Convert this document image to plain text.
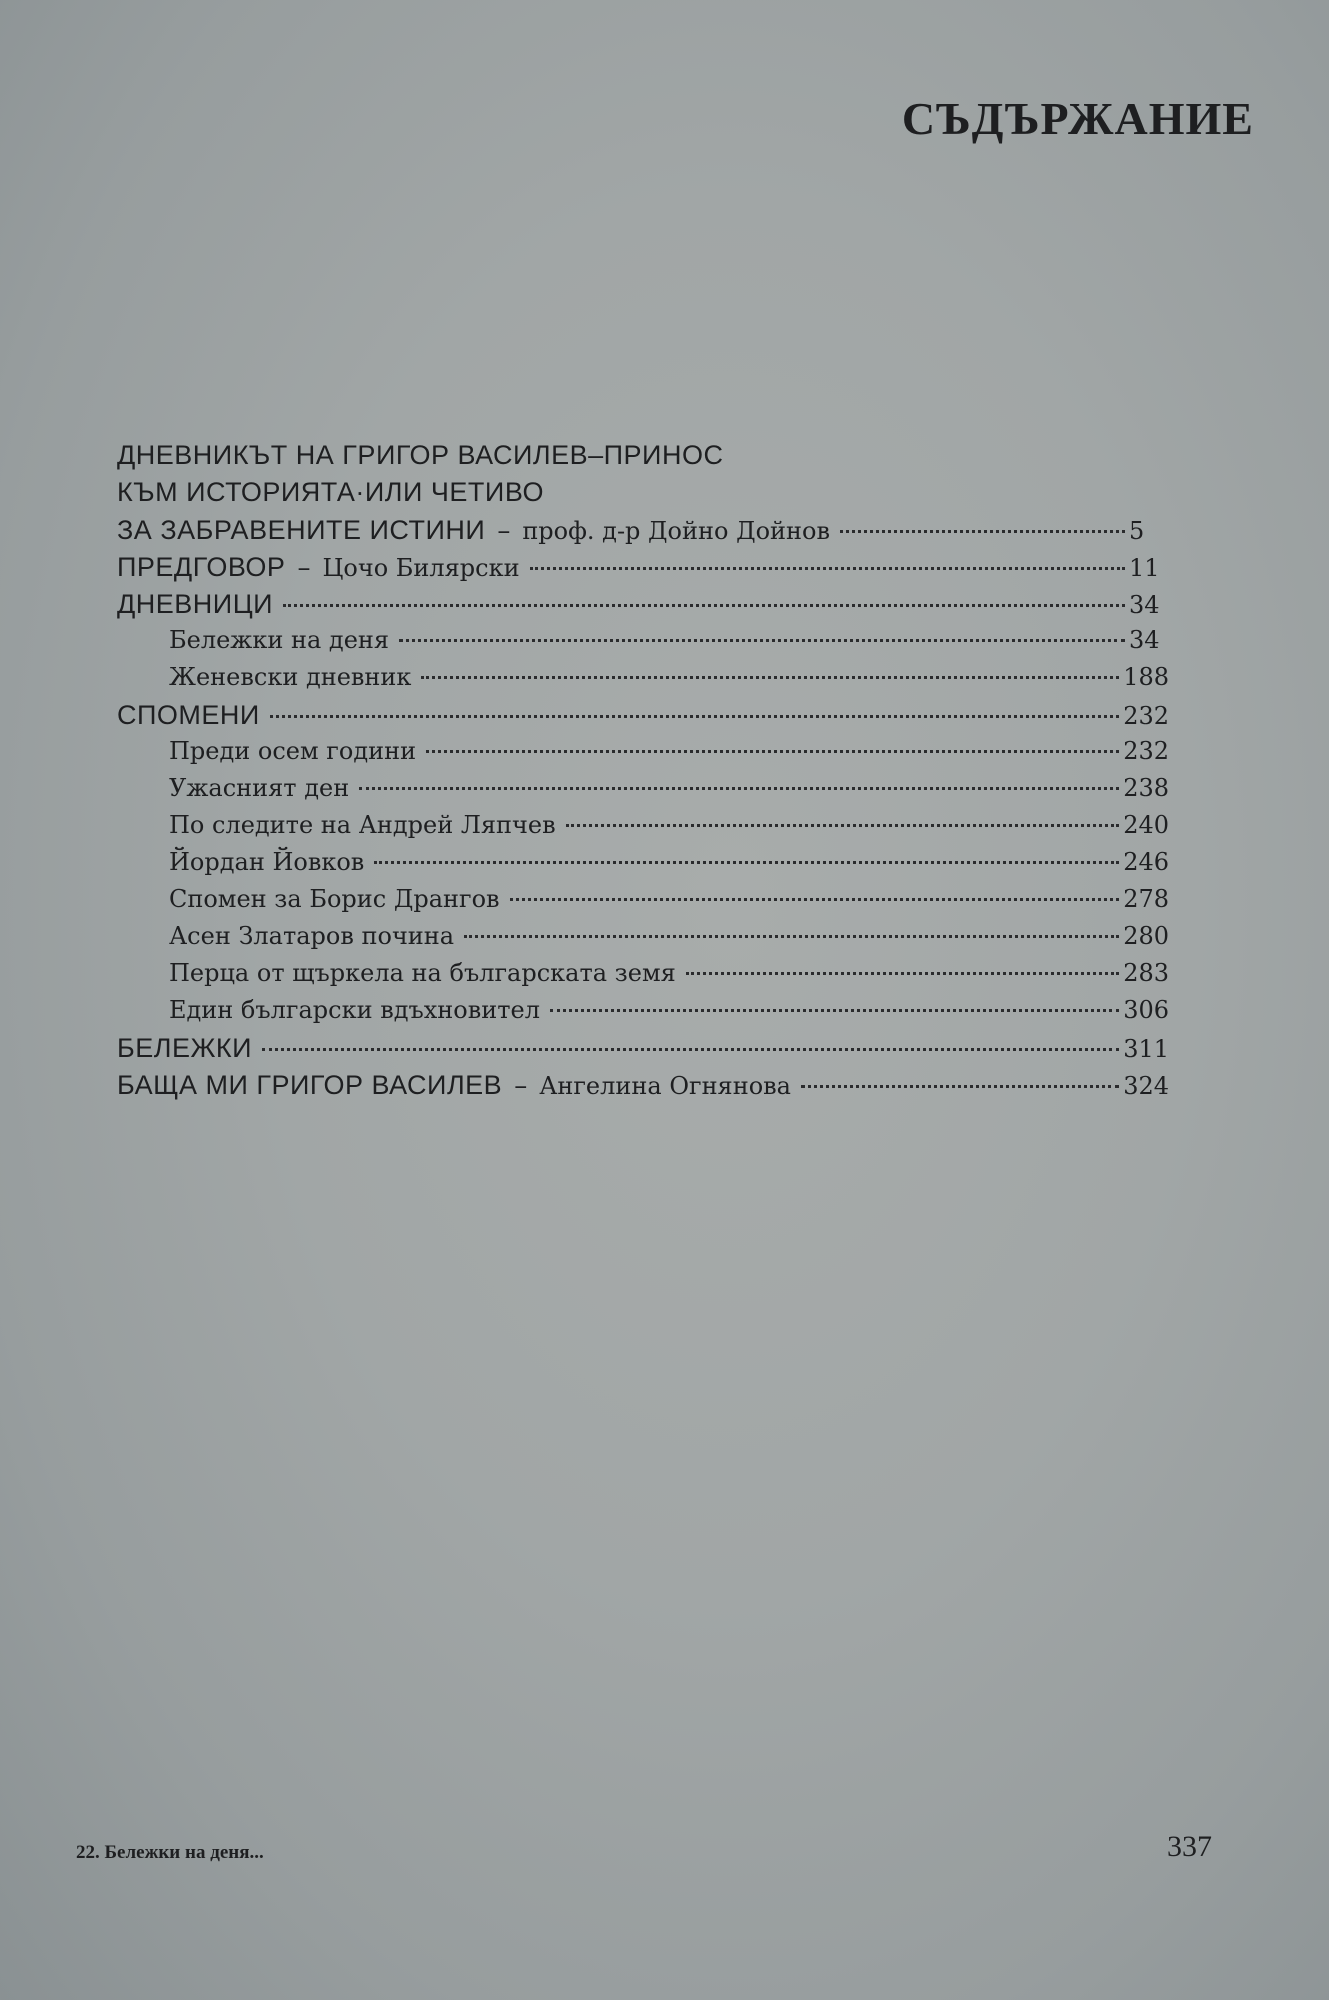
СЪДЪРЖАНИЕ
ДНЕВНИКЪТ НА ГРИГОР ВАСИЛЕВ–ПРИНОС
КЪМ ИСТОРИЯТА·ИЛИ ЧЕТИВО
ЗА ЗАБРАВЕНИТЕ ИСТИНИ – проф. д-р Дойно Дойнов	5
ПРЕДГОВОР – Цочо Билярски	11
ДНЕВНИЦИ	34
Бележки на деня	34
Женевски дневник	188
СПОМЕНИ	232
Преди осем години	232
Ужасният ден	238
По следите на Андрей Ляпчев	240
Йордан Йовков	246
Спомен за Борис Дрангов	278
Асен Златаров почина	280
Перца от щъркела на българската земя	283
Един български вдъхновител	306
БЕЛЕЖКИ	311
БАЩА МИ ГРИГОР ВАСИЛЕВ – Ангелина Огнянова	324
22. Бележки на деня...	337
